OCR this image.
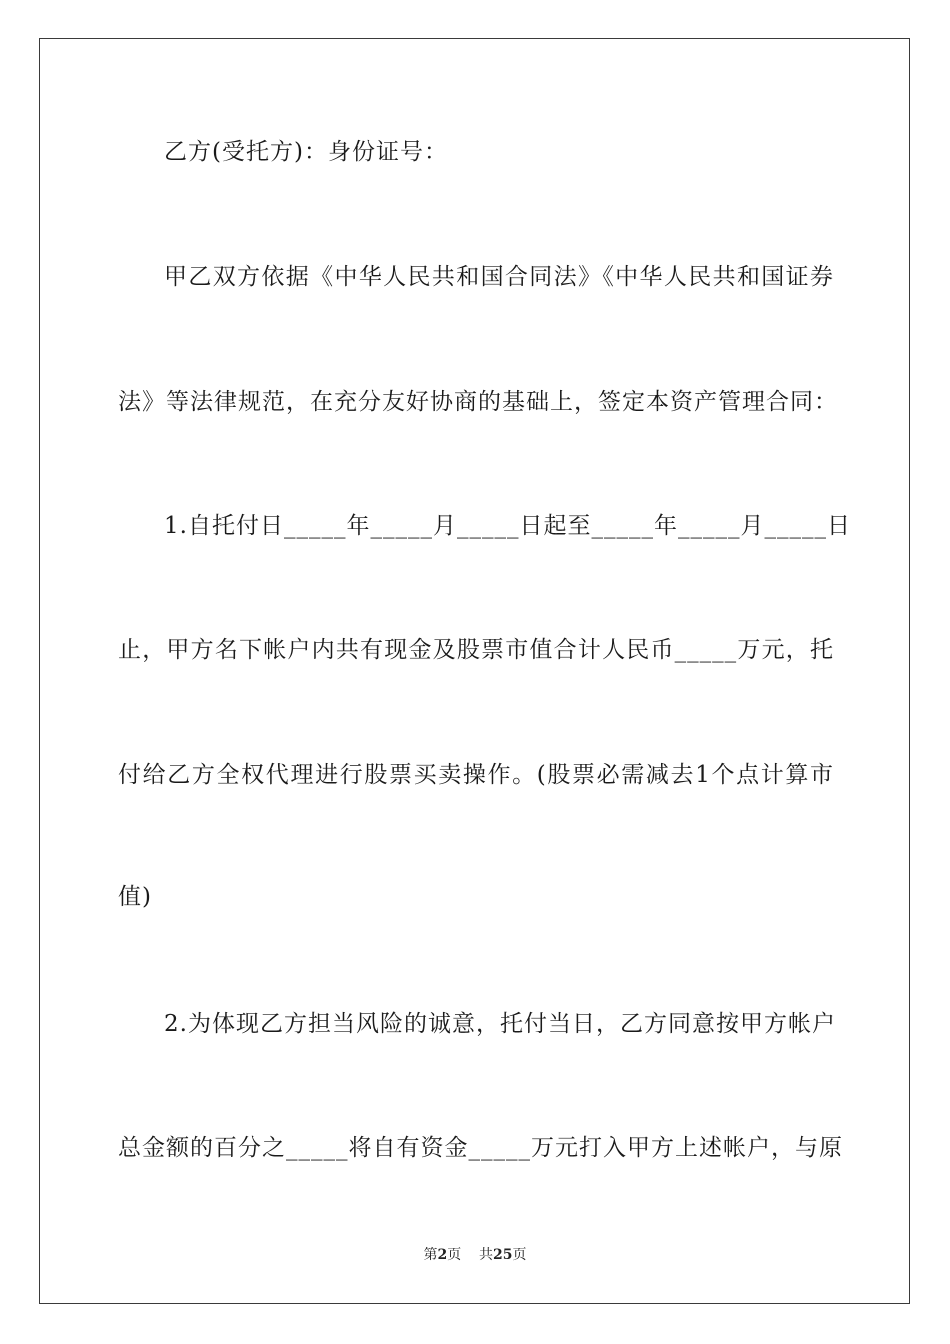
乙方(受托方)：身份证号：
甲乙双方依据《中华人民共和国合同法》《中华人民共和国证券
法》等法律规范，在充分友好协商的基础上，签定本资产管理合同：
1.自托付日_____年_____月_____日起至_____年_____月_____日
止，甲方名下帐户内共有现金及股票市值合计人民币_____万元，托
付给乙方全权代理进行股票买卖操作。(股票必需减去1个点计算市
值)
2.为体现乙方担当风险的诚意，托付当日，乙方同意按甲方帐户
总金额的百分之_____将自有资金_____万元打入甲方上述帐户，与原
第2页 共25页
